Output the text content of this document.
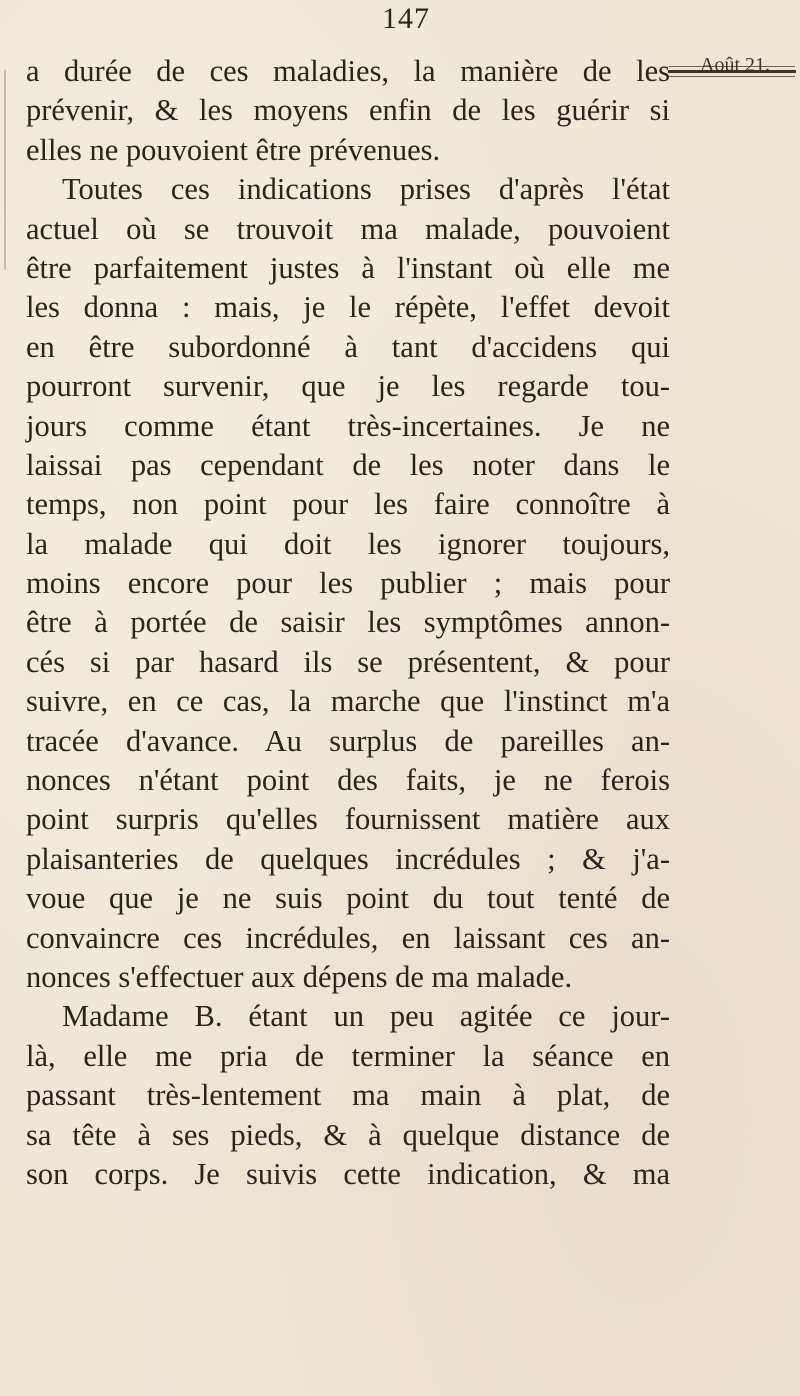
147
Août 21.
a durée de ces maladies, la manière de les
prévenir, & les moyens enfin de les guérir si
elles ne pouvoient être prévenues.
Toutes ces indications prises d'après l'état
actuel où se trouvoit ma malade, pouvoient
être parfaitement justes à l'instant où elle me
les donna : mais, je le répète, l'effet devoit
en être subordonné à tant d'accidens qui
pourront survenir, que je les regarde tou-
jours comme étant très-incertaines. Je ne
laissai pas cependant de les noter dans le
temps, non point pour les faire connoître à
la malade qui doit les ignorer toujours,
moins encore pour les publier ; mais pour
être à portée de saisir les symptômes annon-
cés si par hasard ils se présentent, & pour
suivre, en ce cas, la marche que l'instinct m'a
tracée d'avance. Au surplus de pareilles an-
nonces n'étant point des faits, je ne ferois
point surpris qu'elles fournissent matière aux
plaisanteries de quelques incrédules ; & j'a-
voue que je ne suis point du tout tenté de
convaincre ces incrédules, en laissant ces an-
nonces s'effectuer aux dépens de ma malade.
Madame B. étant un peu agitée ce jour-
là, elle me pria de terminer la séance en
passant très-lentement ma main à plat, de
sa tête à ses pieds, & à quelque distance de
son corps. Je suivis cette indication, & ma
